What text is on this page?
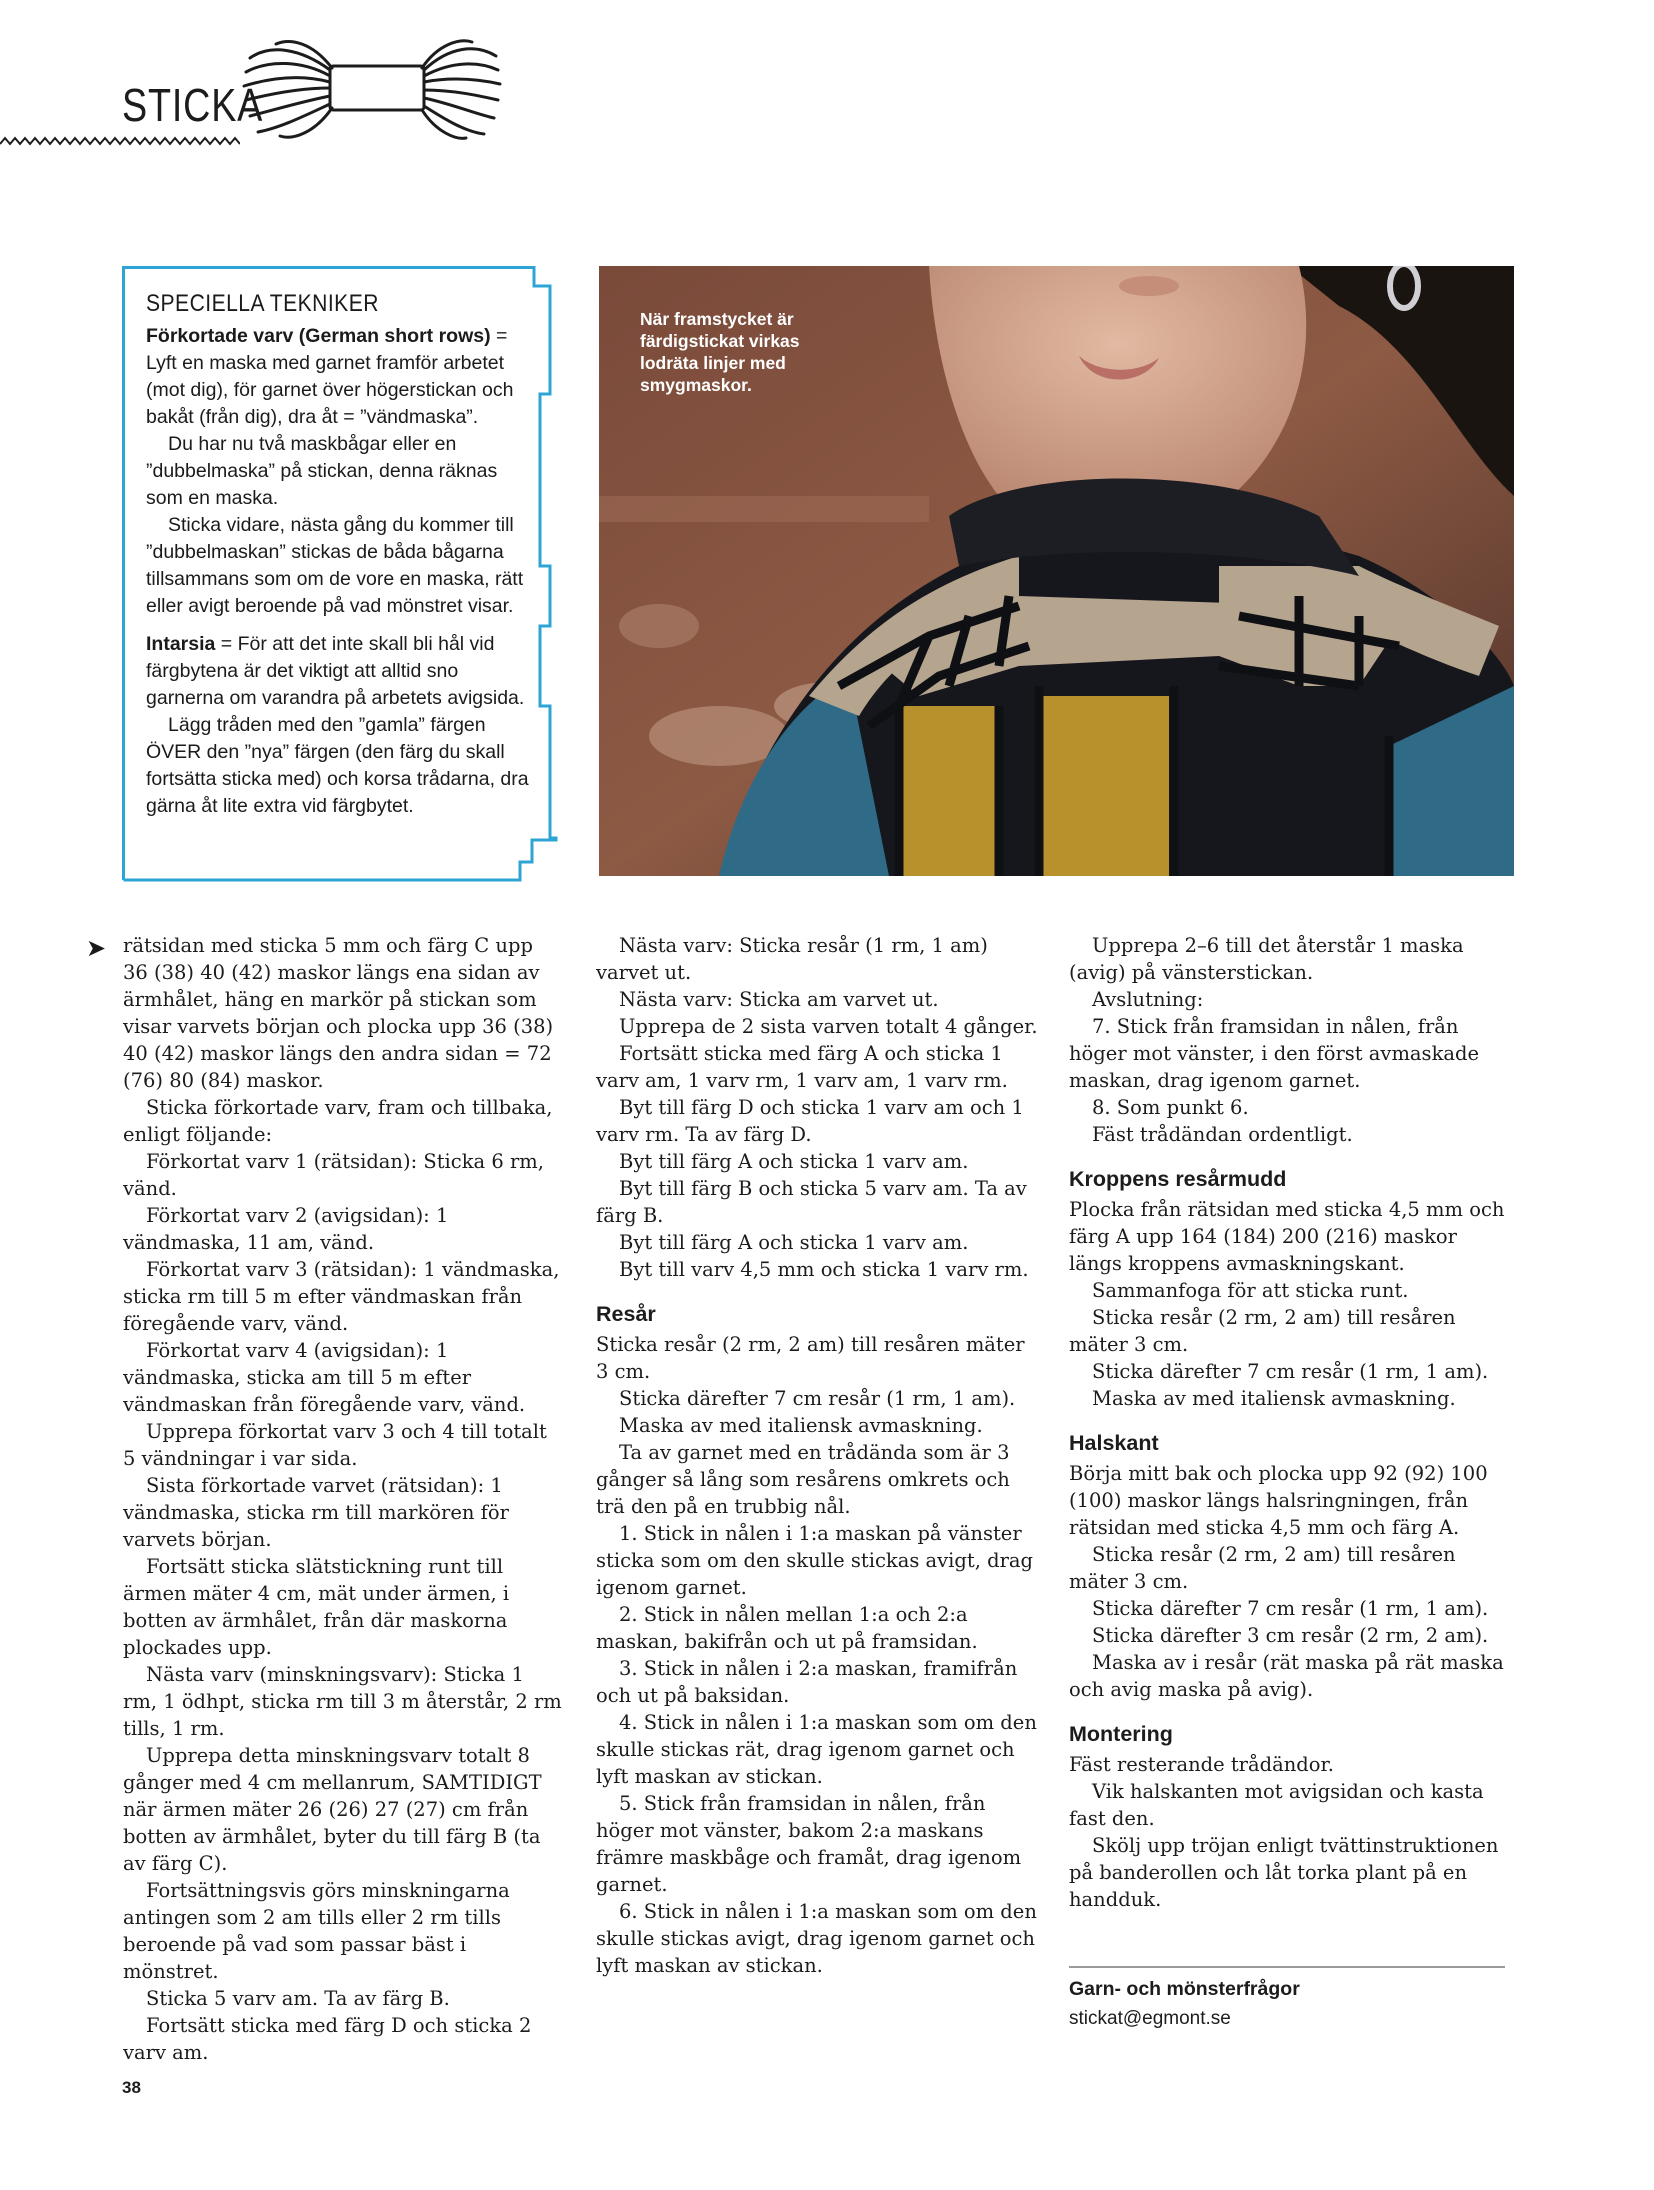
STICKA
SPECIELLA TEKNIKER

Förkortade varv (German short rows) = Lyft en maska med garnet framför arbetet (mot dig), för garnet över högerstickan och bakåt (från dig), dra åt = ”vändmaska”.

Du har nu två maskbågar eller en ”dubbelmaska” på stickan, denna räknas som en maska.

Sticka vidare, nästa gång du kommer till ”dubbelmaskan” stickas de båda bågarna tillsammans som om de vore en maska, rätt eller avigt beroende på vad mönstret visar.

Intarsia = För att det inte skall bli hål vid färgbytena är det viktigt att alltid sno garnerna om varandra på arbetets avigsida.

Lägg tråden med den ”gamla” färgen ÖVER den ”nya” färgen (den färg du skall fortsätta sticka med) och korsa trådarna, dra gärna åt lite extra vid färgbytet.

När framstycket är färdigstickat virkas lodräta linjer med smygmaskor.
➤ rätsidan med sticka 5 mm och färg C upp 36 (38) 40 (42) maskor längs ena sidan av ärmhålet, häng en markör på stickan som visar varvets början och plocka upp 36 (38) 40 (42) maskor längs den andra sidan = 72 (76) 80 (84) maskor.

Sticka förkortade varv, fram och tillbaka, enligt följande:

Förkortat varv 1 (rätsidan): Sticka 6 rm, vänd.

Förkortat varv 2 (avigsidan): 1 vändmaska, 11 am, vänd.

Förkortat varv 3 (rätsidan): 1 vändmaska, sticka rm till 5 m efter vändmaskan från föregående varv, vänd.

Förkortat varv 4 (avigsidan): 1 vändmaska, sticka am till 5 m efter vändmaskan från föregående varv, vänd.

Upprepa förkortat varv 3 och 4 till totalt 5 vändningar i var sida.

Sista förkortade varvet (rätsidan): 1 vändmaska, sticka rm till markören för varvets början.

Fortsätt sticka slätstickning runt till ärmen mäter 4 cm, mät under ärmen, i botten av ärmhålet, från där maskorna plockades upp.

Nästa varv (minskningsvarv): Sticka 1 rm, 1 ödhpt, sticka rm till 3 m återstår, 2 rm tills, 1 rm.

Upprepa detta minskningsvarv totalt 8 gånger med 4 cm mellanrum, SAMTIDIGT när ärmen mäter 26 (26) 27 (27) cm från botten av ärmhålet, byter du till färg B (ta av färg C).

Fortsättningsvis görs minskningarna antingen som 2 am tills eller 2 rm tills beroende på vad som passar bäst i mönstret.

Sticka 5 varv am. Ta av färg B.

Fortsätt sticka med färg D och sticka 2 varv am.

Nästa varv: Sticka resår (1 rm, 1 am) varvet ut.

Nästa varv: Sticka am varvet ut.

Upprepa de 2 sista varven totalt 4 gånger.

Fortsätt sticka med färg A och sticka 1 varv am, 1 varv rm, 1 varv am, 1 varv rm.

Byt till färg D och sticka 1 varv am och 1 varv rm. Ta av färg D.

Byt till färg A och sticka 1 varv am.

Byt till färg B och sticka 5 varv am. Ta av färg B.

Byt till färg A och sticka 1 varv am.

Byt till varv 4,5 mm och sticka 1 varv rm.

Resår

Sticka resår (2 rm, 2 am) till resåren mäter 3 cm.

Sticka därefter 7 cm resår (1 rm, 1 am).

Maska av med italiensk avmaskning.

Ta av garnet med en trådända som är 3 gånger så lång som resårens omkrets och trä den på en trubbig nål.

1. Stick in nålen i 1:a maskan på vänster sticka som om den skulle stickas avigt, drag igenom garnet.

2. Stick in nålen mellan 1:a och 2:a maskan, bakifrån och ut på framsidan.

3. Stick in nålen i 2:a maskan, framifrån och ut på baksidan.

4. Stick in nålen i 1:a maskan som om den skulle stickas rät, drag igenom garnet och lyft maskan av stickan.

5. Stick från framsidan in nålen, från höger mot vänster, bakom 2:a maskans främre maskbåge och framåt, drag igenom garnet.

6. Stick in nålen i 1:a maskan som om den skulle stickas avigt, drag igenom garnet och lyft maskan av stickan.

Upprepa 2–6 till det återstår 1 maska (avig) på vänsterstickan.

Avslutning:

7. Stick från framsidan in nålen, från höger mot vänster, i den först avmaskade maskan, drag igenom garnet.

8. Som punkt 6.

Fäst trådändan ordentligt.

Kroppens resårmudd

Plocka från rätsidan med sticka 4,5 mm och färg A upp 164 (184) 200 (216) maskor längs kroppens avmaskningskant.

Sammanfoga för att sticka runt.

Sticka resår (2 rm, 2 am) till resåren mäter 3 cm.

Sticka därefter 7 cm resår (1 rm, 1 am).

Maska av med italiensk avmaskning.

Halskant

Börja mitt bak och plocka upp 92 (92) 100 (100) maskor längs halsringningen, från rätsidan med sticka 4,5 mm och färg A.

Sticka resår (2 rm, 2 am) till resåren mäter 3 cm.

Sticka därefter 7 cm resår (1 rm, 1 am).

Sticka därefter 3 cm resår (2 rm, 2 am).

Maska av i resår (rät maska på rät maska och avig maska på avig).

Montering

Fäst resterande trådändor.

Vik halskanten mot avigsidan och kasta fast den.

Skölj upp tröjan enligt tvättinstruktionen på banderollen och låt torka plant på en handduk.

Garn- och mönsterfrågor
stickat@egmont.se
38
